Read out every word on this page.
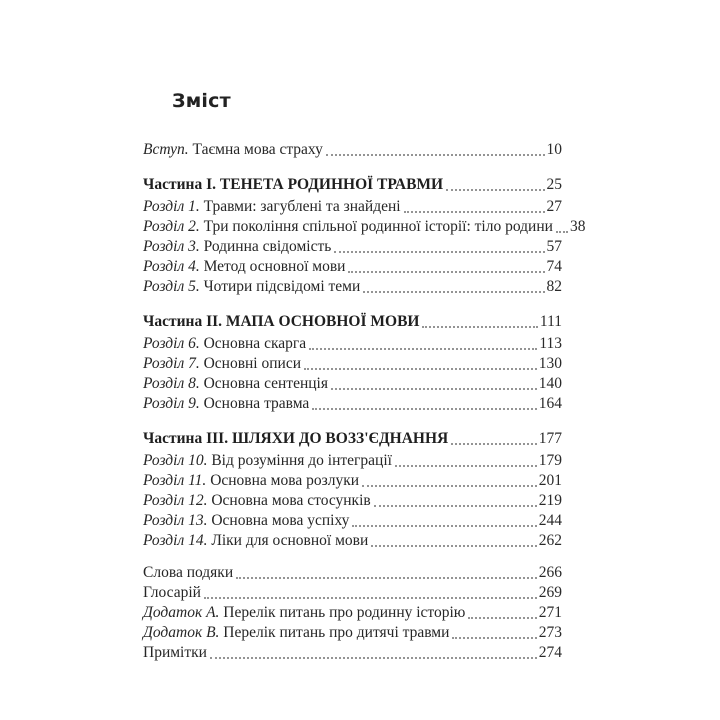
Зміст
Вступ. Таємна мова страху	10
Частина I. ТЕНЕТА РОДИННОЇ ТРАВМИ	25
Розділ 1. Травми: загублені та знайдені	27
Розділ 2. Три покоління спільної родинної історії: тіло родини 38
Розділ 3. Родинна свідомість	57
Розділ 4. Метод основної мови	74
Розділ 5. Чотири підсвідомі теми	82
Частина II. МАПА ОСНОВНОЇ МОВИ	111
Розділ 6. Основна скарга	113
Розділ 7. Основні описи	130
Розділ 8. Основна сентенція	140
Розділ 9. Основна травма	164
Частина III. ШЛЯХИ ДО ВОЗЗ'ЄДНАННЯ	177
Розділ 10. Від розуміння до інтеграції	179
Розділ 11. Основна мова розлуки	201
Розділ 12. Основна мова стосунків	219
Розділ 13. Основна мова успіху	244
Розділ 14. Ліки для основної мови	262
Слова подяки	266
Глосарій	269
Додаток А. Перелік питань про родинну історію	271
Додаток В. Перелік питань про дитячі травми	273
Примітки	274
